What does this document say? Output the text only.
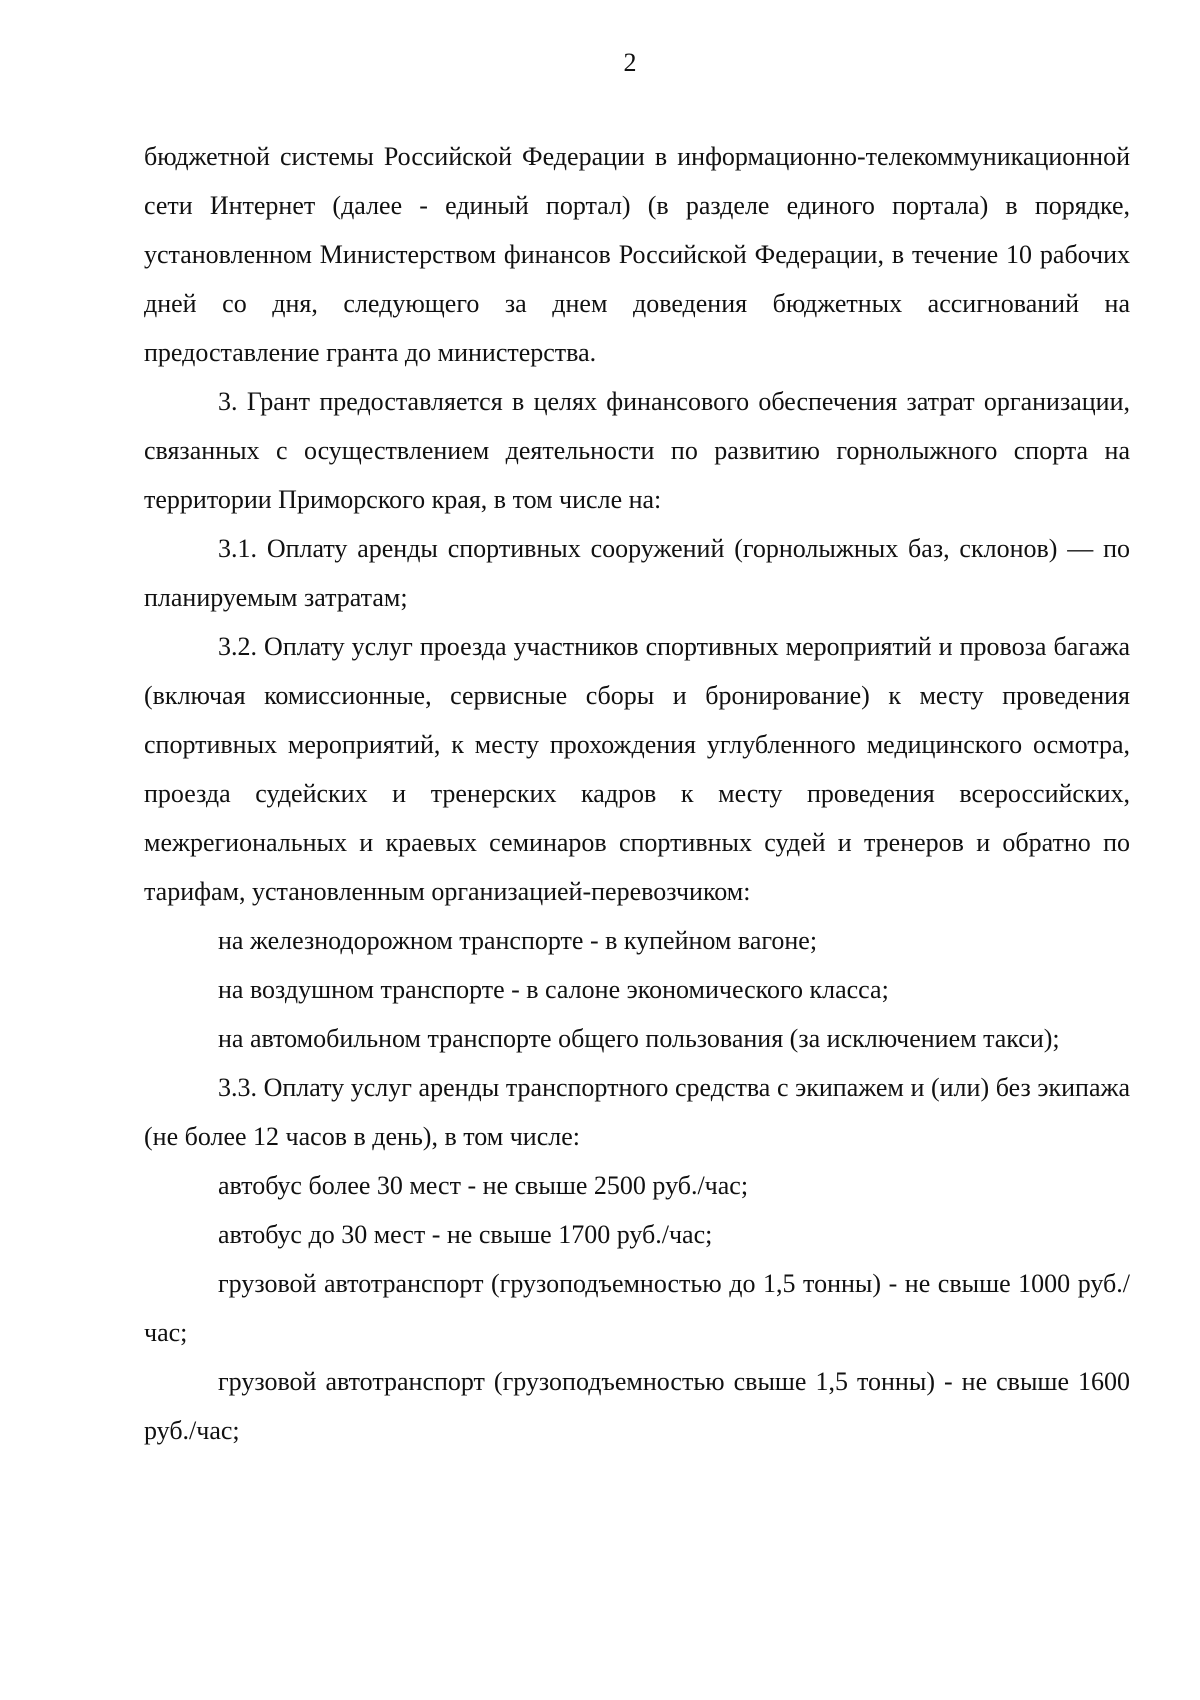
2

бюджетной системы Российской Федерации в информационно-телекоммуникационной сети Интернет (далее - единый портал) (в разделе единого портала) в порядке, установленном Министерством финансов Российской Федерации, в течение 10 рабочих дней со дня, следующего за днем доведения бюджетных ассигнований на предоставление гранта до министерства.

3. Грант предоставляется в целях финансового обеспечения затрат организации, связанных с осуществлением деятельности по развитию горнолыжного спорта на территории Приморского края, в том числе на:

3.1. Оплату аренды спортивных сооружений (горнолыжных баз, склонов) — по планируемым затратам;

3.2. Оплату услуг проезда участников спортивных мероприятий и провоза багажа (включая комиссионные, сервисные сборы и бронирование) к месту проведения спортивных мероприятий, к месту прохождения углубленного медицинского осмотра, проезда судейских и тренерских кадров к месту проведения всероссийских, межрегиональных и краевых семинаров спортивных судей и тренеров и обратно по тарифам, установленным организацией-перевозчиком:

на железнодорожном транспорте - в купейном вагоне;

на воздушном транспорте - в салоне экономического класса;

на автомобильном транспорте общего пользования (за исключением такси);

3.3. Оплату услуг аренды транспортного средства с экипажем и (или) без экипажа (не более 12 часов в день), в том числе:

автобус более 30 мест - не свыше 2500 руб./час;

автобус до 30 мест - не свыше 1700 руб./час;

грузовой автотранспорт (грузоподъемностью до 1,5 тонны) - не свыше 1000 руб./час;

грузовой автотранспорт (грузоподъемностью свыше 1,5 тонны) - не свыше 1600 руб./час;
